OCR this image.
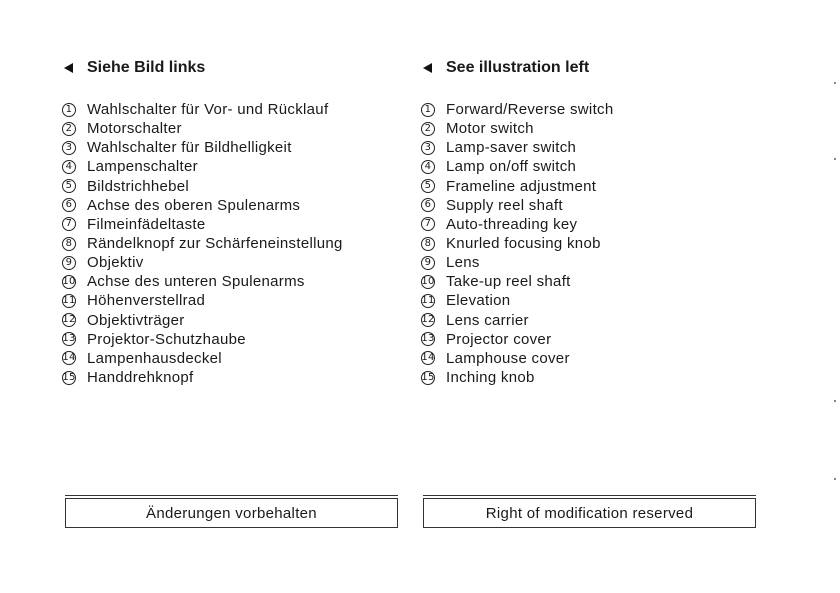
Siehe Bild links
1 Wahlschalter für Vor- und Rücklauf
2 Motorschalter
3 Wahlschalter für Bildhelligkeit
4 Lampenschalter
5 Bildstrichhebel
6 Achse des oberen Spulenarms
7 Filmeinfädeltaste
8 Rändelknopf zur Schärfeneinstellung
9 Objektiv
10 Achse des unteren Spulenarms
11 Höhenverstellrad
12 Objektivträger
13 Projektor-Schutzhaube
14 Lampenhausdeckel
15 Handdrehknopf
See illustration left
1 Forward/Reverse switch
2 Motor switch
3 Lamp-saver switch
4 Lamp on/off switch
5 Frameline adjustment
6 Supply reel shaft
7 Auto-threading key
8 Knurled focusing knob
9 Lens
10 Take-up reel shaft
11 Elevation
12 Lens carrier
13 Projector cover
14 Lamphouse cover
15 Inching knob
Änderungen vorbehalten	Right of modification reserved
